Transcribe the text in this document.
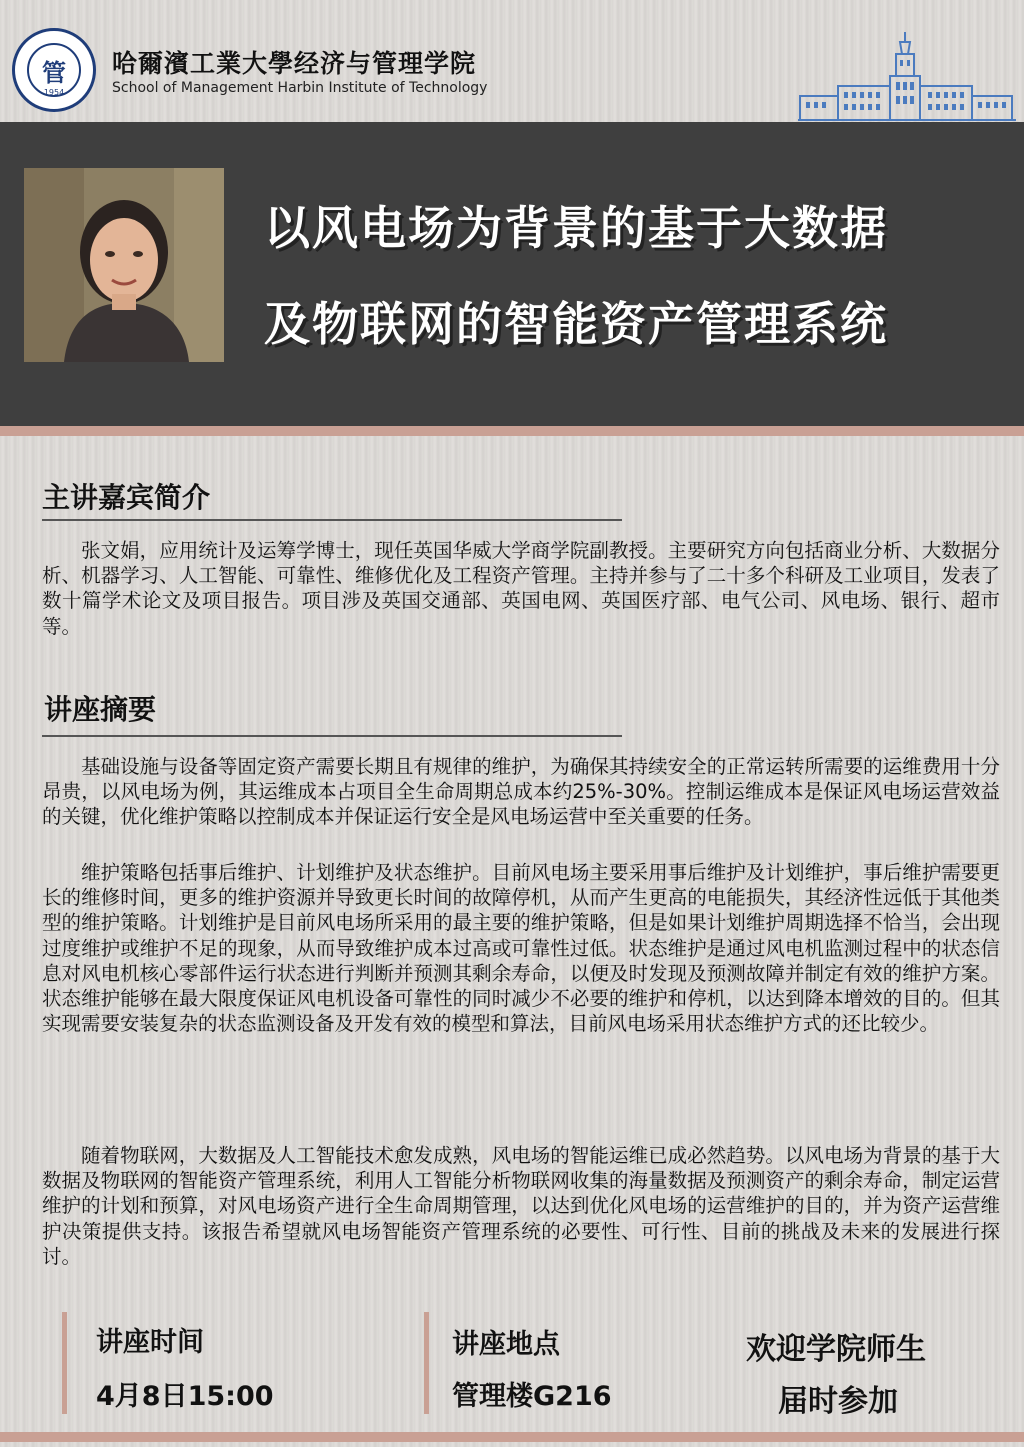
管
1954
哈爾濱工業大學经济与管理学院
School of Management Harbin Institute of Technology
以风电场为背景的基于大数据
及物联网的智能资产管理系统
主讲嘉宾简介

张文娟，应用统计及运筹学博士，现任英国华威大学商学院副教授。主要研究方向包括商业分析、大数据分析、机器学习、人工智能、可靠性、维修优化及工程资产管理。主持并参与了二十多个科研及工业项目，发表了数十篇学术论文及项目报告。项目涉及英国交通部、英国电网、英国医疗部、电气公司、风电场、银行、超市等。

讲座摘要

基础设施与设备等固定资产需要长期且有规律的维护，为确保其持续安全的正常运转所需要的运维费用十分昂贵，以风电场为例，其运维成本占项目全生命周期总成本约25%-30%。控制运维成本是保证风电场运营效益的关键，优化维护策略以控制成本并保证运行安全是风电场运营中至关重要的任务。

维护策略包括事后维护、计划维护及状态维护。目前风电场主要采用事后维护及计划维护，事后维护需要更长的维修时间，更多的维护资源并导致更长时间的故障停机，从而产生更高的电能损失，其经济性远低于其他类型的维护策略。计划维护是目前风电场所采用的最主要的维护策略，但是如果计划维护周期选择不恰当，会出现过度维护或维护不足的现象，从而导致维护成本过高或可靠性过低。状态维护是通过风电机监测过程中的状态信息对风电机核心零部件运行状态进行判断并预测其剩余寿命，以便及时发现及预测故障并制定有效的维护方案。状态维护能够在最大限度保证风电机设备可靠性的同时减少不必要的维护和停机，以达到降本增效的目的。但其实现需要安装复杂的状态监测设备及开发有效的模型和算法，目前风电场采用状态维护方式的还比较少。

随着物联网，大数据及人工智能技术愈发成熟，风电场的智能运维已成必然趋势。以风电场为背景的基于大数据及物联网的智能资产管理系统，利用人工智能分析物联网收集的海量数据及预测资产的剩余寿命，制定运营维护的计划和预算，对风电场资产进行全生命周期管理，以达到优化风电场的运营维护的目的，并为资产运营维护决策提供支持。该报告希望就风电场智能资产管理系统的必要性、可行性、目前的挑战及未来的发展进行探讨。

讲座时间
4月8日15:00
讲座地点
管理楼G216
欢迎学院师生
届时参加
